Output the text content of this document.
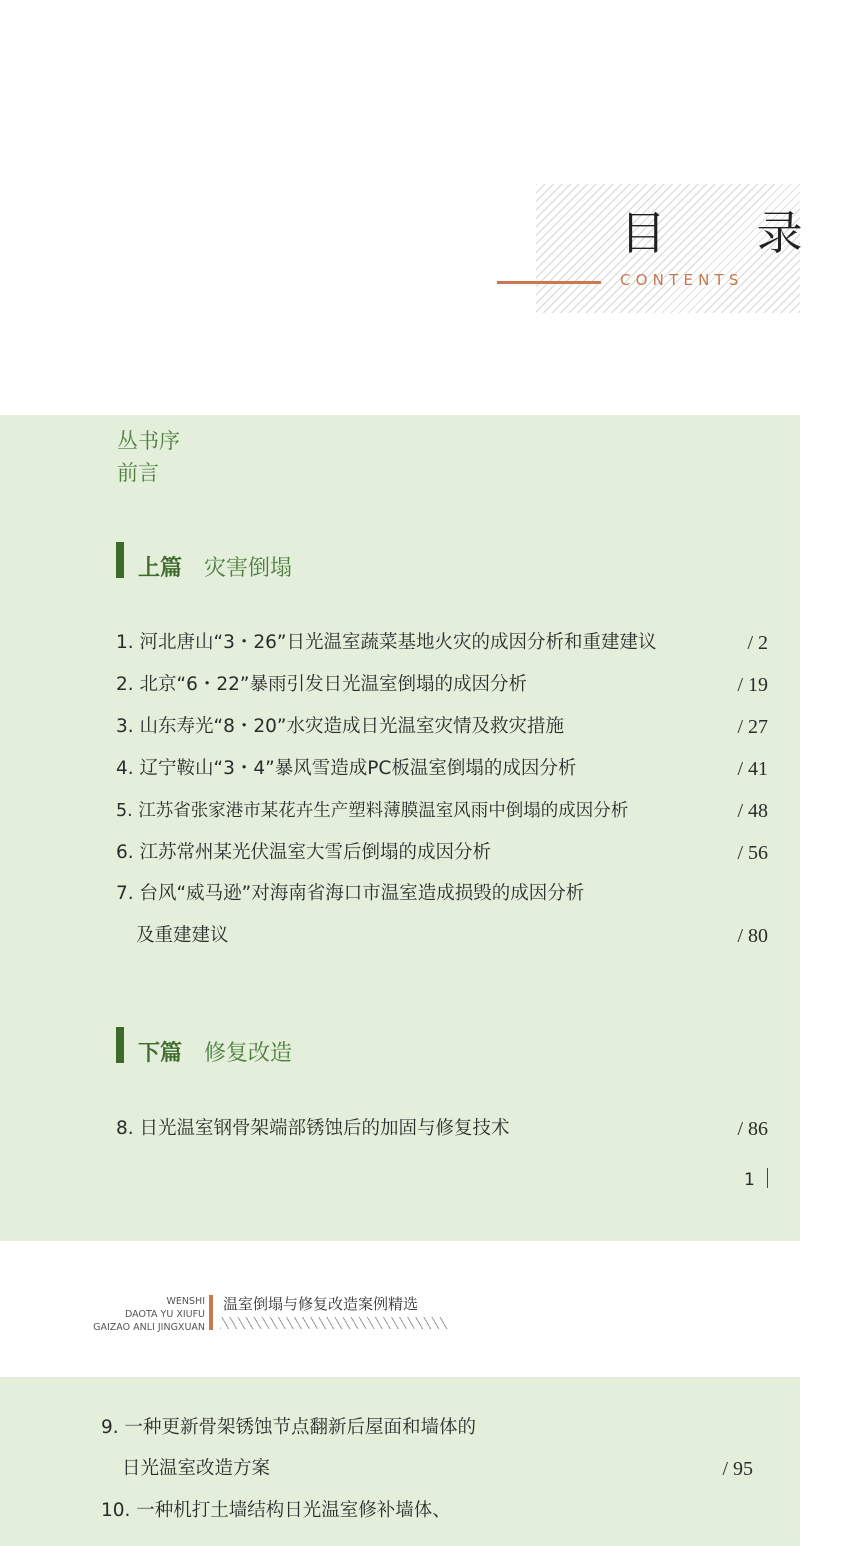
目 录
CONTENTS
丛书序
前言
上篇 灾害倒塌
1. 河北唐山“3・26”日光温室蔬菜基地火灾的成因分析和重建建议	/ 2
2. 北京“6・22”暴雨引发日光温室倒塌的成因分析	/ 19
3. 山东寿光“8・20”水灾造成日光温室灾情及救灾措施	/ 27
4. 辽宁鞍山“3・4”暴风雪造成PC板温室倒塌的成因分析	/ 41
5. 江苏省张家港市某花卉生产塑料薄膜温室风雨中倒塌的成因分析	/ 48
6. 江苏常州某光伏温室大雪后倒塌的成因分析	/ 56
7. 台风“威马逊”对海南省海口市温室造成损毁的成因分析
及重建建议	/ 80
下篇 修复改造
8. 日光温室钢骨架端部锈蚀后的加固与修复技术	/ 86
1
WENSHI
DAOTA YU XIUFU
GAIZAO ANLI JINGXUAN
温室倒塌与修复改造案例精选
9. 一种更新骨架锈蚀节点翻新后屋面和墙体的
日光温室改造方案	/ 95
10. 一种机打土墙结构日光温室修补墙体、
